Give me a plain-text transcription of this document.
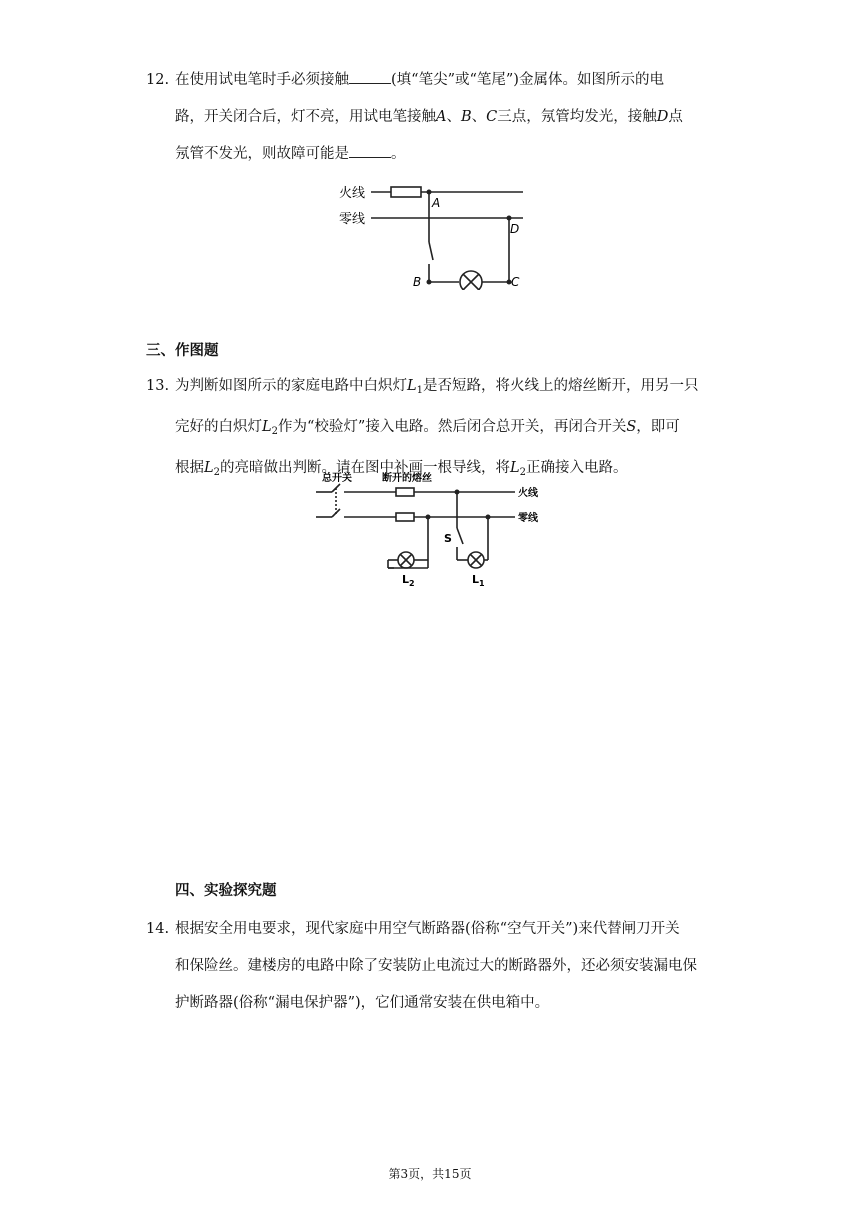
12. 在使用试电笔时手必须接触	(填“笔尖”或“笔尾”)金属体。如图所示的电
路，开关闭合后，灯不亮，用试电笔接触A、B、C三点，氖管均发光，接触D点
氖管不发光，则故障可能是	。
火线
零线
A
B	C
D
三、作图题
13. 为判断如图所示的家庭电路中白炽灯$L_1$是否短路，将火线上的熔丝断开，用另一只
完好的白炽灯$L_2$作为“校验灯”接入电路。然后闭合总开关，再闭合开关S，即可
根据$L_2$的亮暗做出判断。请在图中补画一根导线，将$L_2$正确接入电路。
总开关	断开的熔丝
火线
零线
S
L 2	L 1
四、实验探究题
14. 根据安全用电要求，现代家庭中用空气断路器(俗称“空气开关”)来代替闸刀开关
和保险丝。建楼房的电路中除了安装防止电流过大的断路器外，还必须安装漏电保
护断路器(俗称“漏电保护器”)，它们通常安装在供电箱中。
第3页，共15页
